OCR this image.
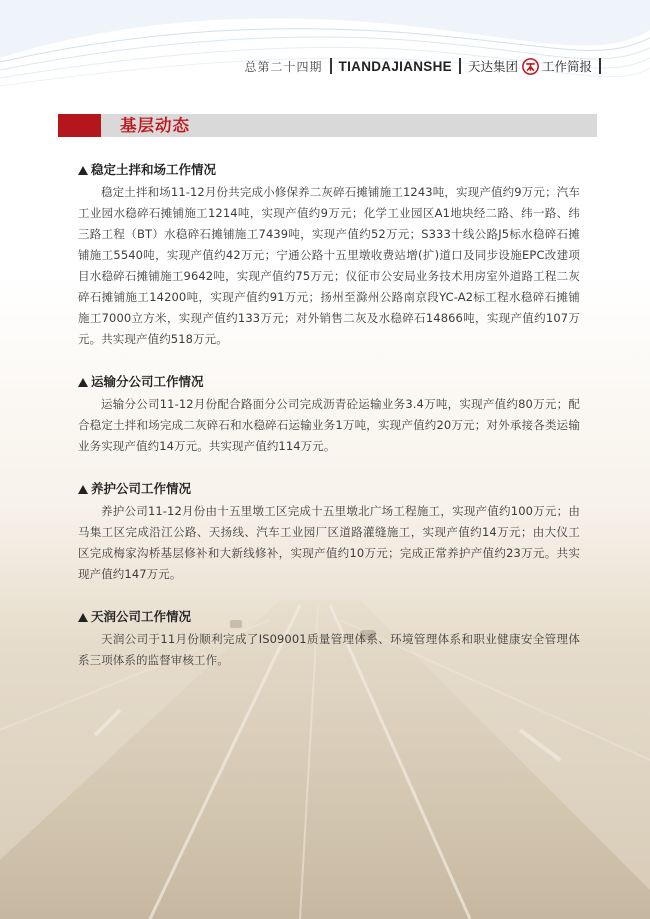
总第二十四期 TIANDAJIANSHE 天达集团 工作简报
基层动态
稳定土拌和场工作情况

稳定土拌和场11-12月份共完成小修保养二灰碎石摊铺施工1243吨，实现产值约9万元；汽车工业园水稳碎石摊铺施工1214吨，实现产值约9万元；化学工业园区A1地块经二路、纬一路、纬三路工程（BT）水稳碎石摊铺施工7439吨，实现产值约52万元；S333十线公路J5标水稳碎石摊铺施工5540吨，实现产值约42万元；宁通公路十五里墩收费站增(扩)道口及同步设施EPC改建项目水稳碎石摊铺施工9642吨，实现产值约75万元；仪征市公安局业务技术用房室外道路工程二灰碎石摊铺施工14200吨，实现产值约91万元；扬州至滁州公路南京段YC-A2标工程水稳碎石摊铺施工7000立方米，实现产值约133万元；对外销售二灰及水稳碎石14866吨，实现产值约107万元。共实现产值约518万元。

运输分公司工作情况

运输分公司11-12月份配合路面分公司完成沥青砼运输业务3.4万吨，实现产值约80万元；配合稳定土拌和场完成二灰碎石和水稳碎石运输业务1万吨，实现产值约20万元；对外承接各类运输业务实现产值约14万元。共实现产值约114万元。

养护公司工作情况

养护公司11-12月份由十五里墩工区完成十五里墩北广场工程施工，实现产值约100万元；由马集工区完成沿江公路、天扬线、汽车工业园厂区道路灌缝施工，实现产值约14万元；由大仪工区完成梅家沟桥基层修补和大新线修补，实现产值约10万元；完成正常养护产值约23万元。共实现产值约147万元。

天润公司工作情况

天润公司于11月份顺利完成了IS09001质量管理体系、环境管理体系和职业健康安全管理体系三项体系的监督审核工作。
